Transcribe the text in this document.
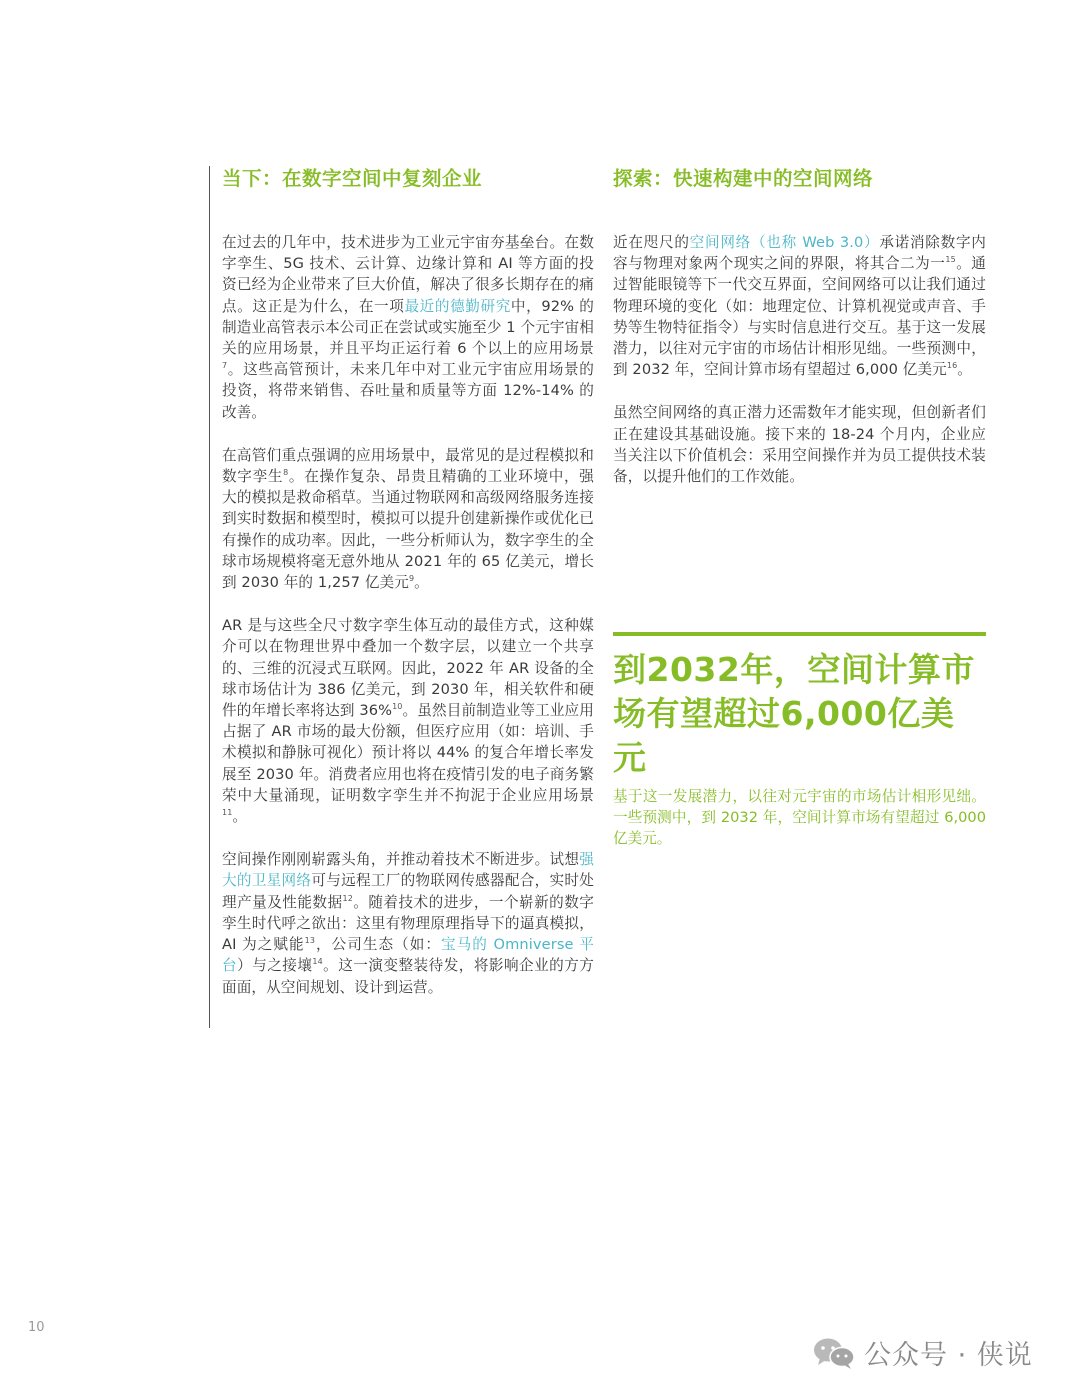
当下：在数字空间中复刻企业

在过去的几年中，技术进步为工业元宇宙夯基垒台。在数字孪生、5G 技术、云计算、边缘计算和 AI 等方面的投资已经为企业带来了巨大价值，解决了很多长期存在的痛点。这正是为什么，在一项最近的德勤研究中，92% 的制造业高管表示本公司正在尝试或实施至少 1 个元宇宙相关的应用场景，并且平均正运行着 6 个以上的应用场景$^7$。这些高管预计，未来几年中对工业元宇宙应用场景的投资，将带来销售、吞吐量和质量等方面 12%-14% 的改善。

在高管们重点强调的应用场景中，最常见的是过程模拟和数字孪生$^8$。在操作复杂、昂贵且精确的工业环境中，强大的模拟是救命稻草。当通过物联网和高级网络服务连接到实时数据和模型时，模拟可以提升创建新操作或优化已有操作的成功率。因此，一些分析师认为，数字孪生的全球市场规模将毫无意外地从 2021 年的 65 亿美元，增长到 2030 年的 1,257 亿美元$^9$。

AR 是与这些全尺寸数字孪生体互动的最佳方式，这种媒介可以在物理世界中叠加一个数字层，以建立一个共享的、三维的沉浸式互联网。因此，2022 年 AR 设备的全球市场估计为 386 亿美元，到 2030 年，相关软件和硬件的年增长率将达到 36%$^{10}$。虽然目前制造业等工业应用占据了 AR 市场的最大份额，但医疗应用（如：培训、手术模拟和静脉可视化）预计将以 44% 的复合年增长率发展至 2030 年。消费者应用也将在疫情引发的电子商务繁荣中大量涌现，证明数字孪生并不拘泥于企业应用场景$^{11}$。

空间操作刚刚崭露头角，并推动着技术不断进步。试想强大的卫星网络可与远程工厂的物联网传感器配合，实时处理产量及性能数据$^{12}$。随着技术的进步，一个崭新的数字孪生时代呼之欲出：这里有物理原理指导下的逼真模拟，AI 为之赋能$^{13}$，公司生态（如：宝马的 Omniverse 平台）与之接壤$^{14}$。这一演变整装待发，将影响企业的方方面面，从空间规划、设计到运营。

探索：快速构建中的空间网络

近在咫尺的空间网络（也称 Web 3.0）承诺消除数字内容与物理对象两个现实之间的界限，将其合二为一$^{15}$。通过智能眼镜等下一代交互界面，空间网络可以让我们通过物理环境的变化（如：地理定位、计算机视觉或声音、手势等生物特征指令）与实时信息进行交互。基于这一发展潜力，以往对元宇宙的市场估计相形见绌。一些预测中，到 2032 年，空间计算市场有望超过 6,000 亿美元$^{16}$。

虽然空间网络的真正潜力还需数年才能实现，但创新者们正在建设其基础设施。接下来的 18-24 个月内，企业应当关注以下价值机会：采用空间操作并为员工提供技术装备，以提升他们的工作效能。

到2032年，空间计算市场有望超过6,000亿美元

基于这一发展潜力，以往对元宇宙的市场估计相形见绌。一些预测中，到 2032 年，空间计算市场有望超过 6,000 亿美元。

10
公众号 · 侠说
